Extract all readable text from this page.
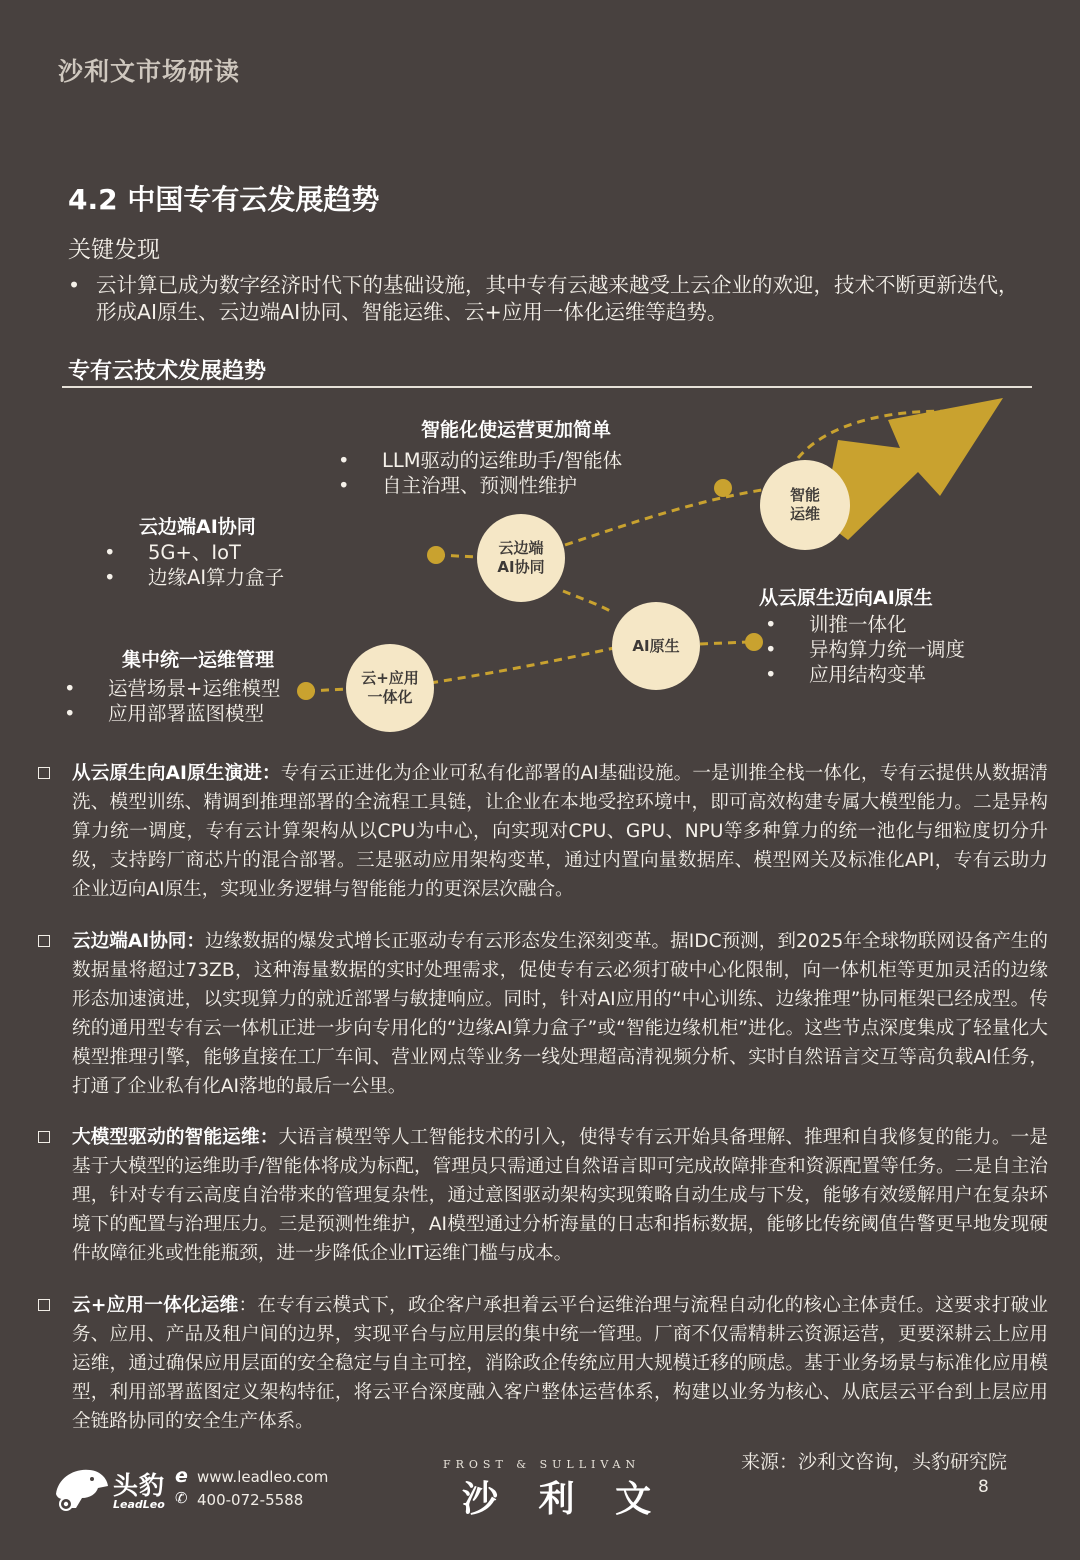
沙利文市场研读
4.2 中国专有云发展趋势
关键发现
• 云计算已成为数字经济时代下的基础设施，其中专有云越来越受上云企业的欢迎，技术不断更新迭代，形成AI原生、云边端AI协同、智能运维、云+应用一体化运维等趋势。
专有云技术发展趋势
智能
运维
云边端
AI协同
AI原生
云+应用
一体化
智能化使运营更加简单
• LLM驱动的运维助手/智能体
• 自主治理、预测性维护
云边端AI协同
• 5G+、IoT
• 边缘AI算力盒子
从云原生迈向AI原生
• 训推一体化
• 异构算力统一调度
• 应用结构变革
集中统一运维管理
• 运营场景+运维模型
• 应用部署蓝图模型
从云原生向AI原生演进：专有云正进化为企业可私有化部署的AI基础设施。一是训推全栈一体化，专有云提供从数据清洗、模型训练、精调到推理部署的全流程工具链，让企业在本地受控环境中，即可高效构建专属大模型能力。二是异构算力统一调度，专有云计算架构从以CPU为中心，向实现对CPU、GPU、NPU等多种算力的统一池化与细粒度切分升级，支持跨厂商芯片的混合部署。三是驱动应用架构变革，通过内置向量数据库、模型网关及标准化API，专有云助力企业迈向AI原生，实现业务逻辑与智能能力的更深层次融合。
云边端AI协同：边缘数据的爆发式增长正驱动专有云形态发生深刻变革。据IDC预测，到2025年全球物联网设备产生的数据量将超过73ZB，这种海量数据的实时处理需求，促使专有云必须打破中心化限制，向一体机柜等更加灵活的边缘形态加速演进，以实现算力的就近部署与敏捷响应。同时，针对AI应用的“中心训练、边缘推理”协同框架已经成型。传统的通用型专有云一体机正进一步向专用化的“边缘AI算力盒子”或“智能边缘机柜”进化。这些节点深度集成了轻量化大模型推理引擎，能够直接在工厂车间、营业网点等业务一线处理超高清视频分析、实时自然语言交互等高负载AI任务，打通了企业私有化AI落地的最后一公里。
大模型驱动的智能运维：大语言模型等人工智能技术的引入，使得专有云开始具备理解、推理和自我修复的能力。一是基于大模型的运维助手/智能体将成为标配，管理员只需通过自然语言即可完成故障排查和资源配置等任务。二是自主治理，针对专有云高度自治带来的管理复杂性，通过意图驱动架构实现策略自动生成与下发，能够有效缓解用户在复杂环境下的配置与治理压力。三是预测性维护，AI模型通过分析海量的日志和指标数据，能够比传统阈值告警更早地发现硬件故障征兆或性能瓶颈，进一步降低企业IT运维门槛与成本。
云+应用一体化运维：在专有云模式下，政企客户承担着云平台运维治理与流程自动化的核心主体责任。这要求打破业务、应用、产品及租户间的边界，实现平台与应用层的集中统一管理。厂商不仅需精耕云资源运营，更要深耕云上应用运维，通过确保应用层面的安全稳定与自主可控，消除政企传统应用大规模迁移的顾虑。基于业务场景与标准化应用模型，利用部署蓝图定义架构特征，将云平台深度融入客户整体运营体系，构建以业务为核心、从底层云平台到上层应用全链路协同的安全生产体系。
来源：沙利文咨询，头豹研究院
8
头豹
LeadLeo
e www.leadleo.com
✆ 400-072-5588
FROST & SULLIVAN
沙 利 文
